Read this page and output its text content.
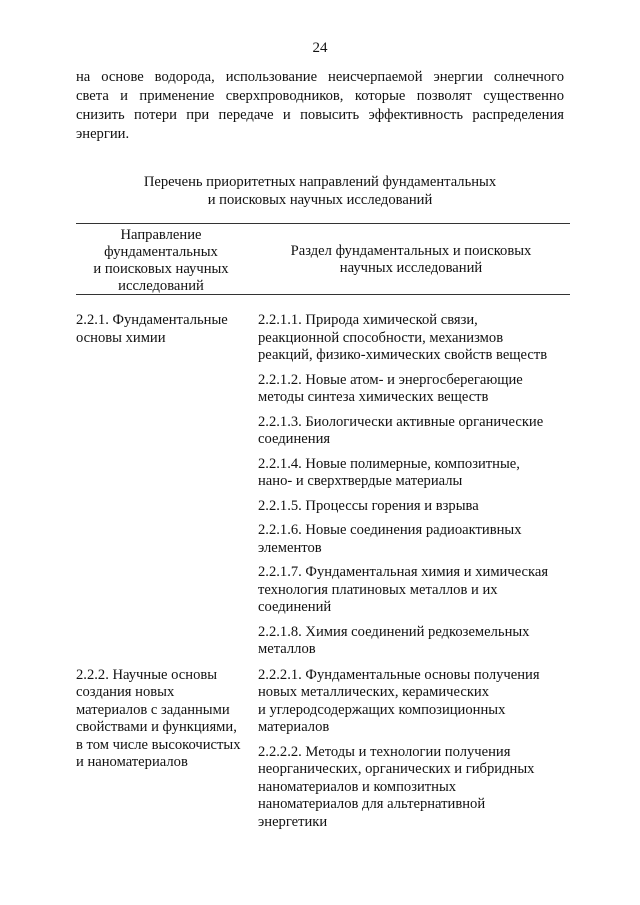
24
на основе водорода, использование неисчерпаемой энергии солнечного
света и применение сверхпроводников, которые позволят существенно
снизить потери при передаче и повысить эффективность распределения
энергии.
Перечень приоритетных направлений фундаментальных
и поисковых научных исследований
Направление
фундаментальных
и поисковых научных
исследований
Раздел фундаментальных и поисковых
научных исследований
2.2.1. Фундаментальные
основы химии
2.2.1.1. Природа химической связи,
реакционной способности, механизмов
реакций, физико-химических свойств веществ
2.2.1.2. Новые атом- и энергосберегающие
методы синтеза химических веществ
2.2.1.3. Биологически активные органические
соединения
2.2.1.4. Новые полимерные, композитные,
нано- и сверхтвердые материалы
2.2.1.5. Процессы горения и взрыва
2.2.1.6. Новые соединения радиоактивных
элементов
2.2.1.7. Фундаментальная химия и химическая
технология платиновых металлов и их
соединений
2.2.1.8. Химия соединений редкоземельных
металлов
2.2.2. Научные основы
создания новых
материалов с заданными
свойствами и функциями,
в том числе высокочистых
и наноматериалов
2.2.2.1. Фундаментальные основы получения
новых металлических, керамических
и углеродсодержащих композиционных
материалов
2.2.2.2. Методы и технологии получения
неорганических, органических и гибридных
наноматериалов и композитных
наноматериалов для альтернативной
энергетики
